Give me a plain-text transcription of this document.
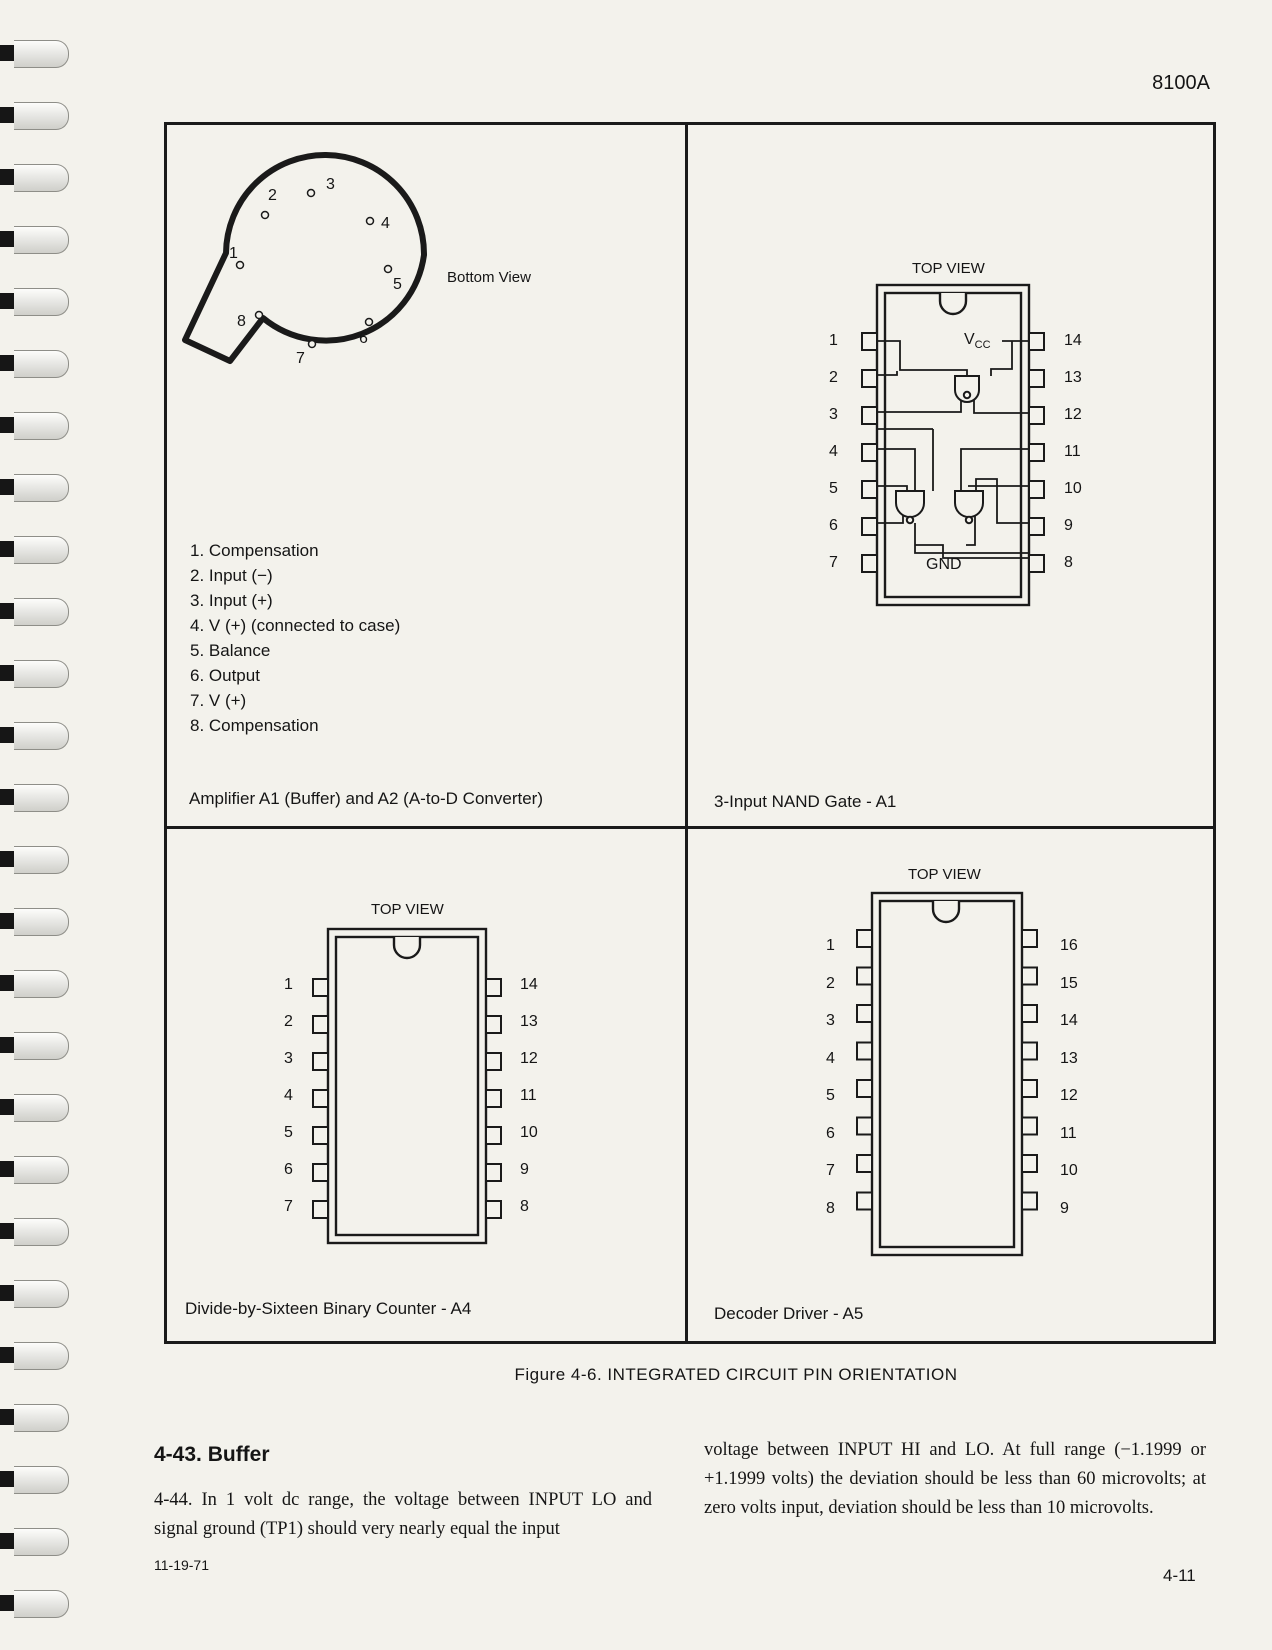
8100A
1
2
3
4
5
6
7
8
Bottom View
1. Compensation
2. Input (−)
3. Input (+)
4. V (+) (connected to case)
5. Balance
6. Output
7. V (+)
8. Compensation
Amplifier A1 (Buffer) and A2 (A-to-D Converter)
TOP VIEW
$V_{CC}$
GND
1	14
2	13
3	12
4	11
5	10
6	9
7	8
3-Input NAND Gate - A1
TOP VIEW
1	14
2	13
3	12
4	11
5	10
6	9
7	8
Divide-by-Sixteen Binary Counter - A4
TOP VIEW
1	16
2	15
3	14
4	13
5	12
6	11
7	10
8	9
Decoder Driver - A5
Figure 4-6. INTEGRATED CIRCUIT PIN ORIENTATION
4-43. Buffer
4-44. In 1 volt dc range, the voltage between INPUT LO and signal ground (TP1) should very nearly equal the input
voltage between INPUT HI and LO. At full range (−1.1999 or +1.1999 volts) the deviation should be less than 60 microvolts; at zero volts input, deviation should be less than 10 microvolts.
11-19-71
4-11
